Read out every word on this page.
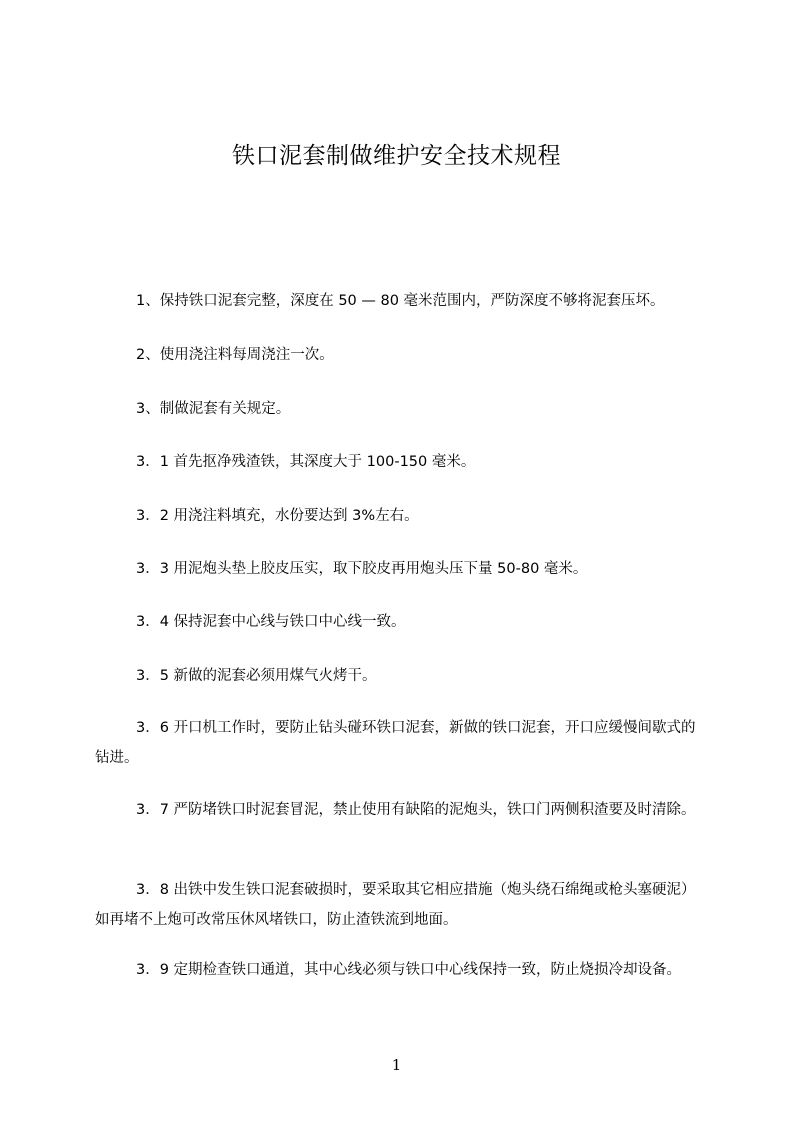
铁口泥套制做维护安全技术规程
1、保持铁口泥套完整，深度在 50 — 80 毫米范围内，严防深度不够将泥套压坏。
2、使用浇注料每周浇注一次。
3、制做泥套有关规定。
3．1 首先抠净残渣铁，其深度大于 100-150 毫米。
3．2 用浇注料填充，水份要达到 3%左右。
3．3 用泥炮头垫上胶皮压实，取下胶皮再用炮头压下量 50-80 毫米。
3．4 保持泥套中心线与铁口中心线一致。
3．5 新做的泥套必须用煤气火烤干。
3．6 开口机工作时，要防止钻头碰环铁口泥套，新做的铁口泥套，开口应缓慢间歇式的钻进。
3．7 严防堵铁口时泥套冒泥，禁止使用有缺陷的泥炮头，铁口门两侧积渣要及时清除。
3．8 出铁中发生铁口泥套破损时，要采取其它相应措施（炮头绕石绵绳或枪头塞硬泥）如再堵不上炮可改常压休风堵铁口，防止渣铁流到地面。
3．9 定期检查铁口通道，其中心线必须与铁口中心线保持一致，防止烧损冷却设备。
1
